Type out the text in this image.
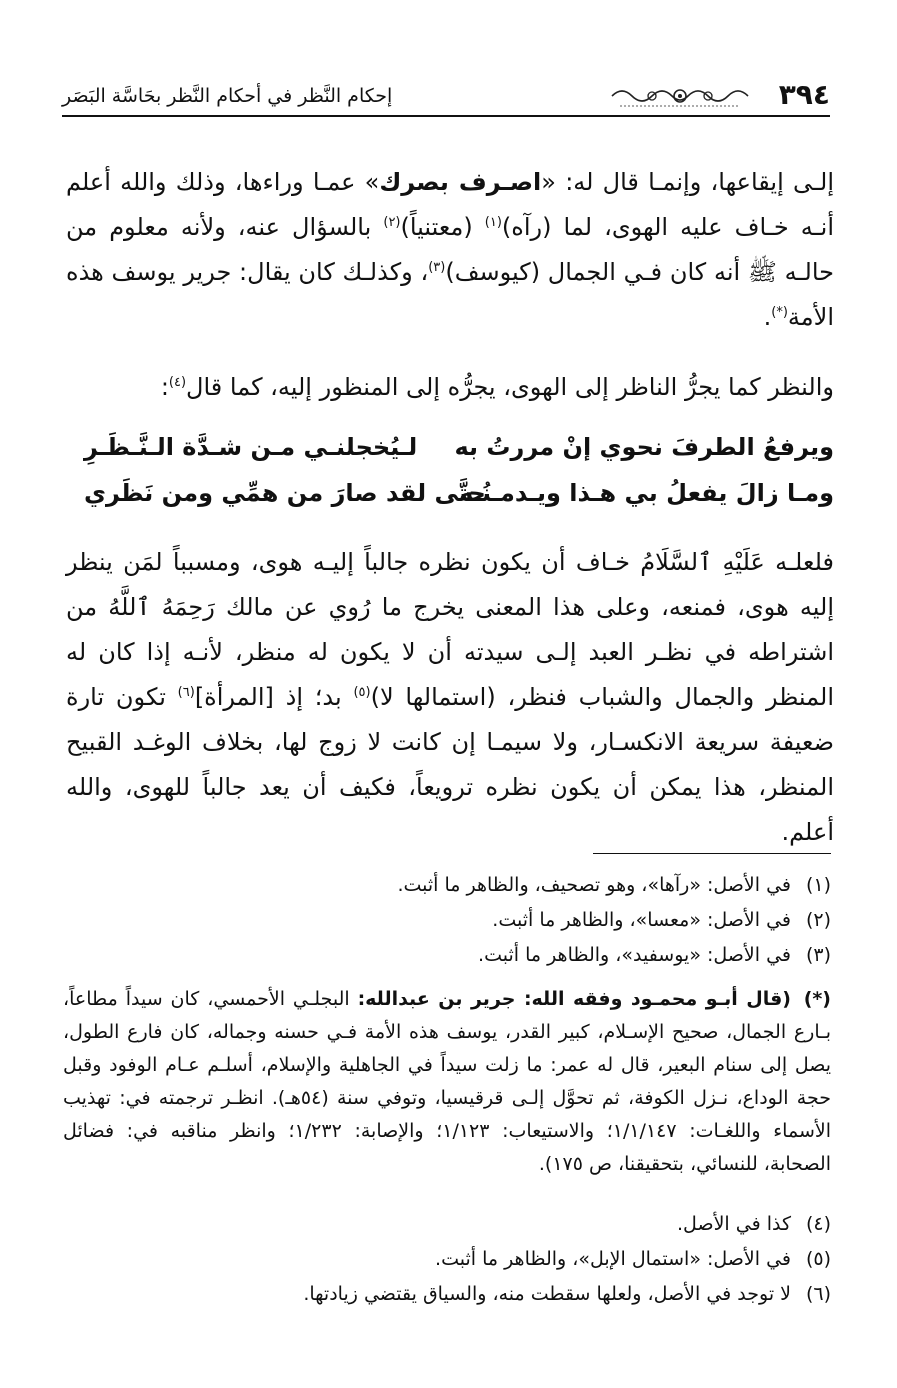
٣٩٤
إحكام النَّظر في أحكام النَّظر بحَاسَّة البَصَر
إلـى إيقاعها، وإنمـا قال له: «اصـرف بصرك» عمـا وراءها، وذلك والله أعلم أنـه خـاف عليه الهوى، لما (رآه)$^{(١)}$ (معتنياً)$^{(٢)}$ بالسؤال عنه، ولأنه معلوم من حالـه ﷺ أنه كان فـي الجمال (كيوسف)$^{(٣)}$، وكذلـك كان يقال: جرير يوسف هذه الأمة(*).
والنظر كما يجرُّ الناظر إلى الهوى، يجرُّه إلى المنظور إليه، كما قال$^{(٤)}$:
ويرفعُ الطرفَ نحوي إنْ مررتُ به
لـيُخجلنـي مـن شـدَّة الـنَّـظَـرِ
ومـا زالَ يفعلُ بي هـذا ويـدمـنُـه
حتَّى لقد صارَ من همِّي ومن نَظَري
فلعلـه عَلَيْهِ ٱلسَّلَامُ خـاف أن يكون نظره جالباً إليـه هوى، ومسبباً لمَن ينظر إليه هوى، فمنعه، وعلى هذا المعنى يخرج ما رُوي عن مالك رَحِمَهُ ٱللَّهُ من اشتراطه في نظـر العبد إلـى سيدته أن لا يكون له منظر، لأنـه إذا كان له المنظر والجمال والشباب فنظر، (استمالها لا)$^{(٥)}$ بد؛ إذ [المرأة]$^{(٦)}$ تكون تارة ضعيفة سريعة الانكسـار، ولا سيمـا إن كانت لا زوج لها، بخلاف الوغـد القبيح المنظر، هذا يمكن أن يكون نظره ترويعاً، فكيف أن يعد جالباً للهوى، والله أعلم.
(١)في الأصل: «رآها»، وهو تصحيف، والظاهر ما أثبت.
(٢)في الأصل: «معسا»، والظاهر ما أثبت.
(٣)في الأصل: «يوسفيد»، والظاهر ما أثبت.
(*)(قال أبـو محمـود وفقه الله: جرير بن عبدالله: البجلـي الأحمسي، كان سيداً مطاعاً، بـارع الجمال، صحيح الإسـلام، كبير القدر، يوسف هذه الأمة فـي حسنه وجماله، كان فارع الطول، يصل إلى سنام البعير، قال له عمر: ما زلت سيداً في الجاهلية والإسلام، أسلـم عـام الوفود وقبل حجة الوداع، نـزل الكوفة، ثم تحوَّل إلـى قرقيسيا، وتوفي سنة (٥٤هـ). انظـر ترجمته في: تهذيب الأسماء واللغـات: ١/١/١٤٧؛ والاستيعاب: ١/١٢٣؛ والإصابة: ١/٢٣٢؛ وانظر مناقبه في: فضائل الصحابة، للنسائي، بتحقيقنا، ص ١٧٥).
(٤)كذا في الأصل.
(٥)في الأصل: «استمال الإبل»، والظاهر ما أثبت.
(٦)لا توجد في الأصل، ولعلها سقطت منه، والسياق يقتضي زيادتها.
